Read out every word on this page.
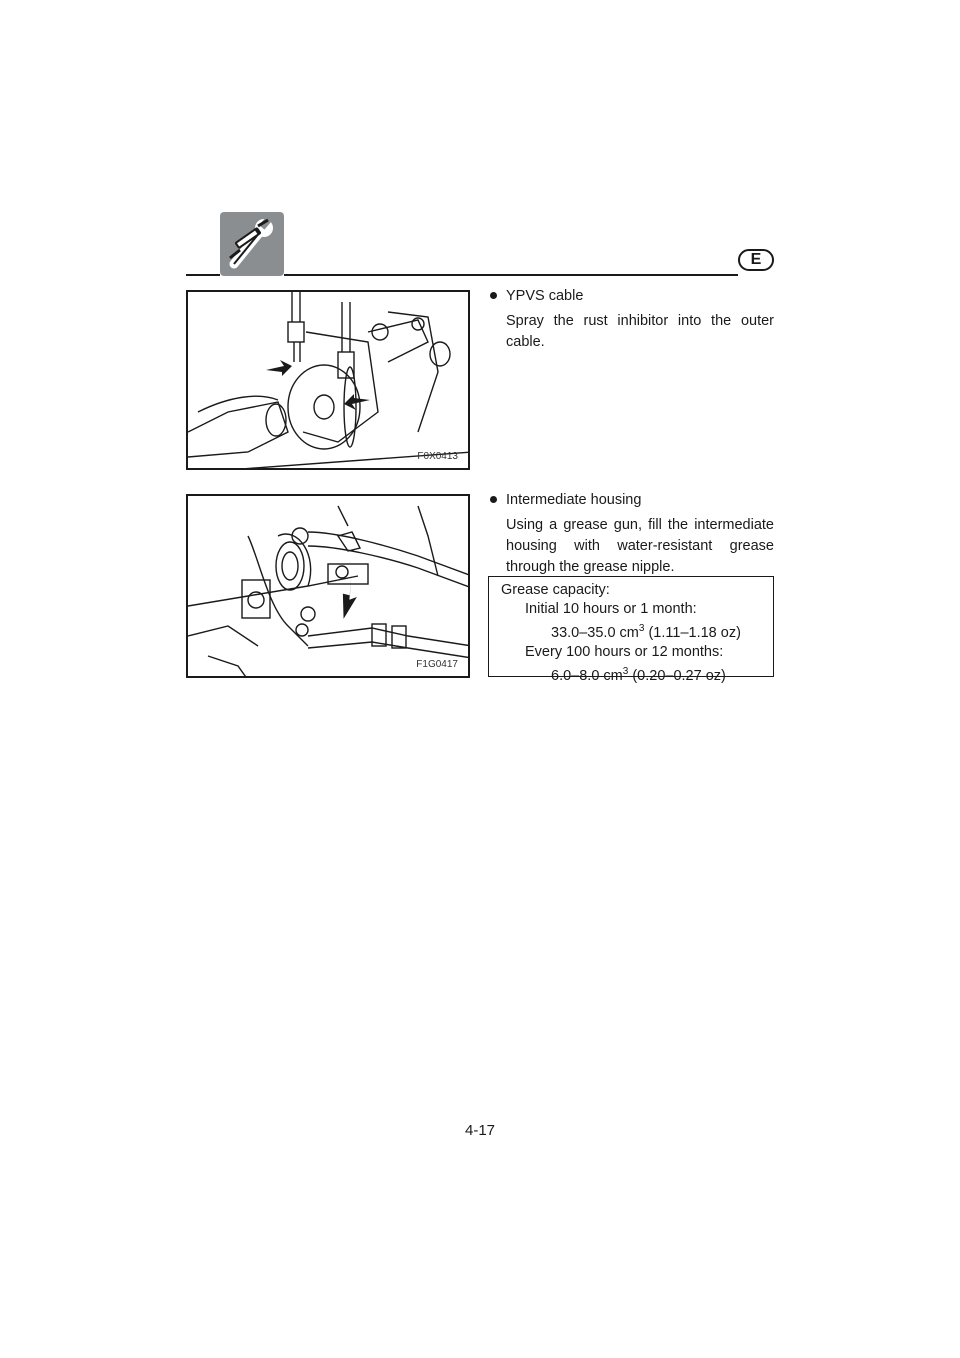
E
F0X0413
YPVS cable

Spray the rust inhibitor into the outer cable.

F1G0417
Intermediate housing

Using a grease gun, fill the intermediate housing with water-resistant grease through the grease nipple.

Grease capacity:
Initial 10 hours or 1 month:
33.0–35.0 $cm^3$ (1.11–1.18 oz)
Every 100 hours or 12 months:
6.0–8.0 $cm^3$ (0.20–0.27 oz)
4-17
